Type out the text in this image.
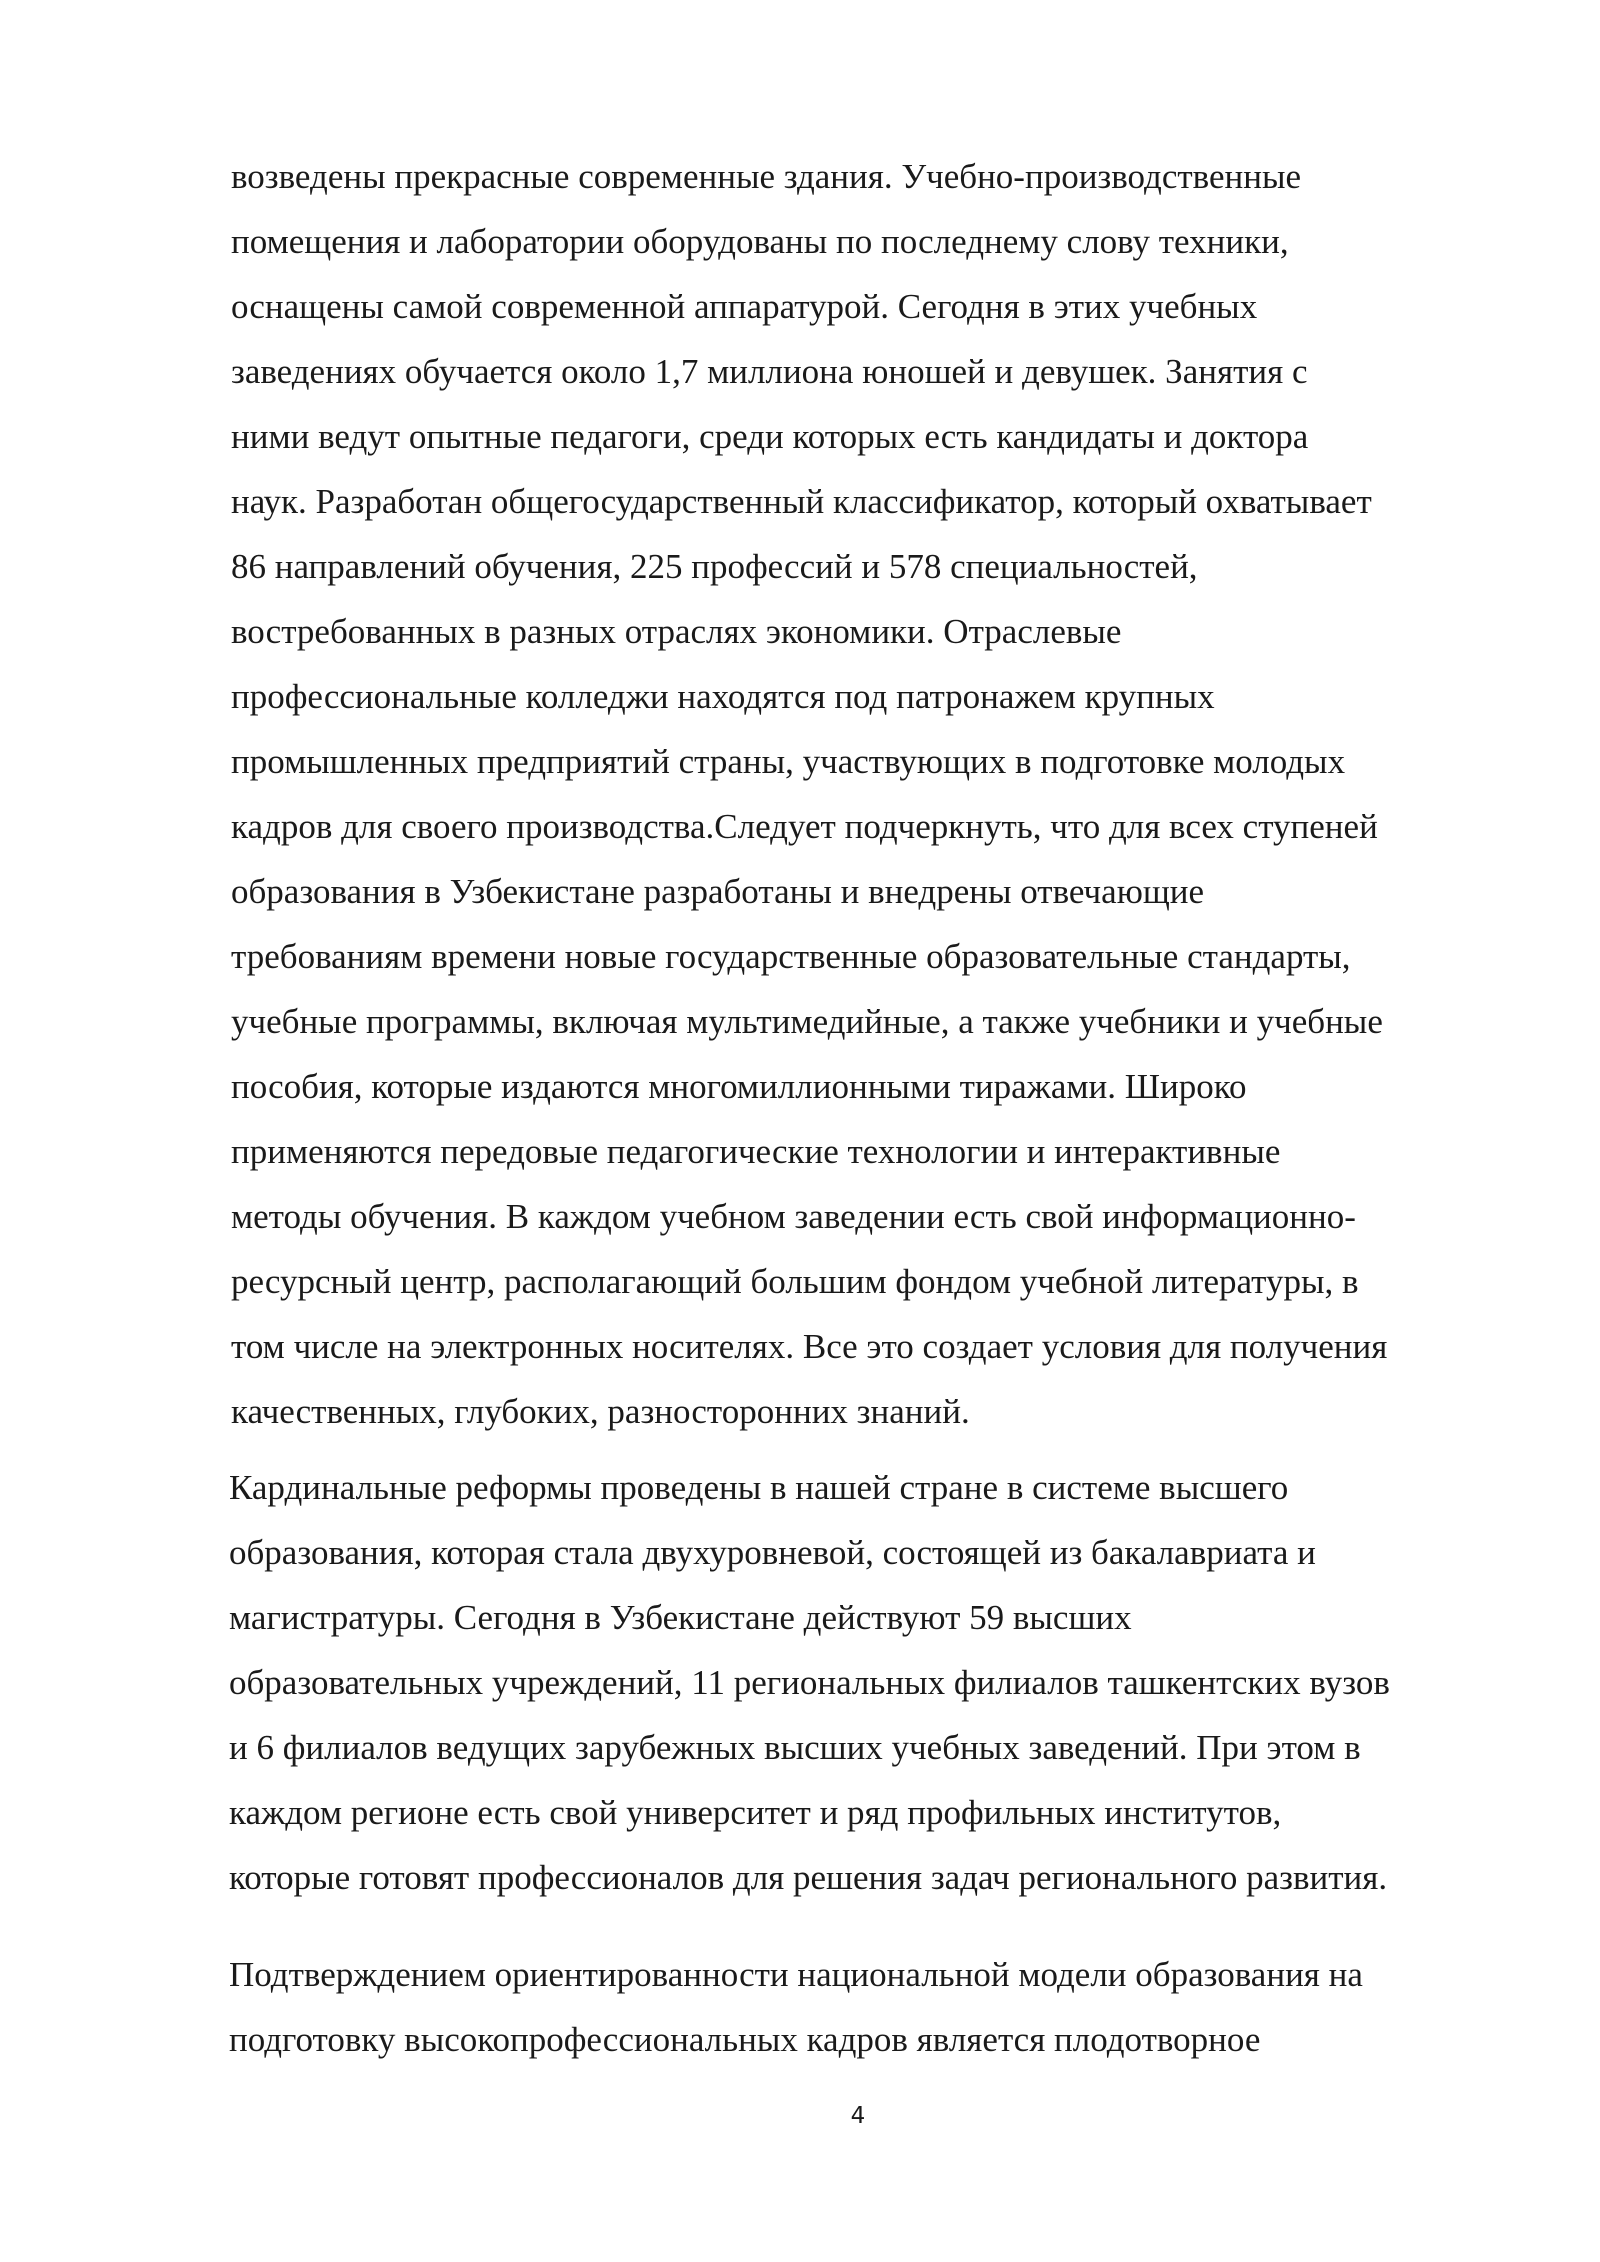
возведены прекрасные современные здания. Учебно-производственные
помещения и лаборатории оборудованы по последнему слову техники,
оснащены самой современной аппаратурой. Сегодня в этих учебных
заведениях обучается около 1,7 миллиона юношей и девушек. Занятия с
ними ведут опытные педагоги, среди которых есть кандидаты и доктора
наук. Разработан общегосударственный классификатор, который охватывает
86 направлений обучения, 225 профессий и 578 специальностей,
востребованных в разных отраслях экономики. Отраслевые
профессиональные колледжи находятся под патронажем крупных
промышленных предприятий страны, участвующих в подготовке молодых
кадров для своего производства.Следует подчеркнуть, что для всех ступеней
образования в Узбекистане разработаны и внедрены отвечающие
требованиям времени новые государственные образовательные стандарты,
учебные программы, включая мультимедийные, а также учебники и учебные
пособия, которые издаются многомиллионными тиражами. Широко
применяются передовые педагогические технологии и интерактивные
методы обучения. В каждом учебном заведении есть свой информационно-
ресурсный центр, располагающий большим фондом учебной литературы, в
том числе на электронных носителях. Все это создает условия для получения
качественных, глубоких, разносторонних знаний.
Кардинальные реформы проведены в нашей стране в системе высшего
образования, которая стала двухуровневой, состоящей из бакалавриата и
магистратуры. Сегодня в Узбекистане действуют 59 высших
образовательных учреждений, 11 региональных филиалов ташкентских вузов
и 6 филиалов ведущих зарубежных высших учебных заведений. При этом в
каждом регионе есть свой университет и ряд профильных институтов,
которые готовят профессионалов для решения задач регионального развития.
Подтверждением ориентированности национальной модели образования на
подготовку высокопрофессиональных кадров является плодотворное
4
